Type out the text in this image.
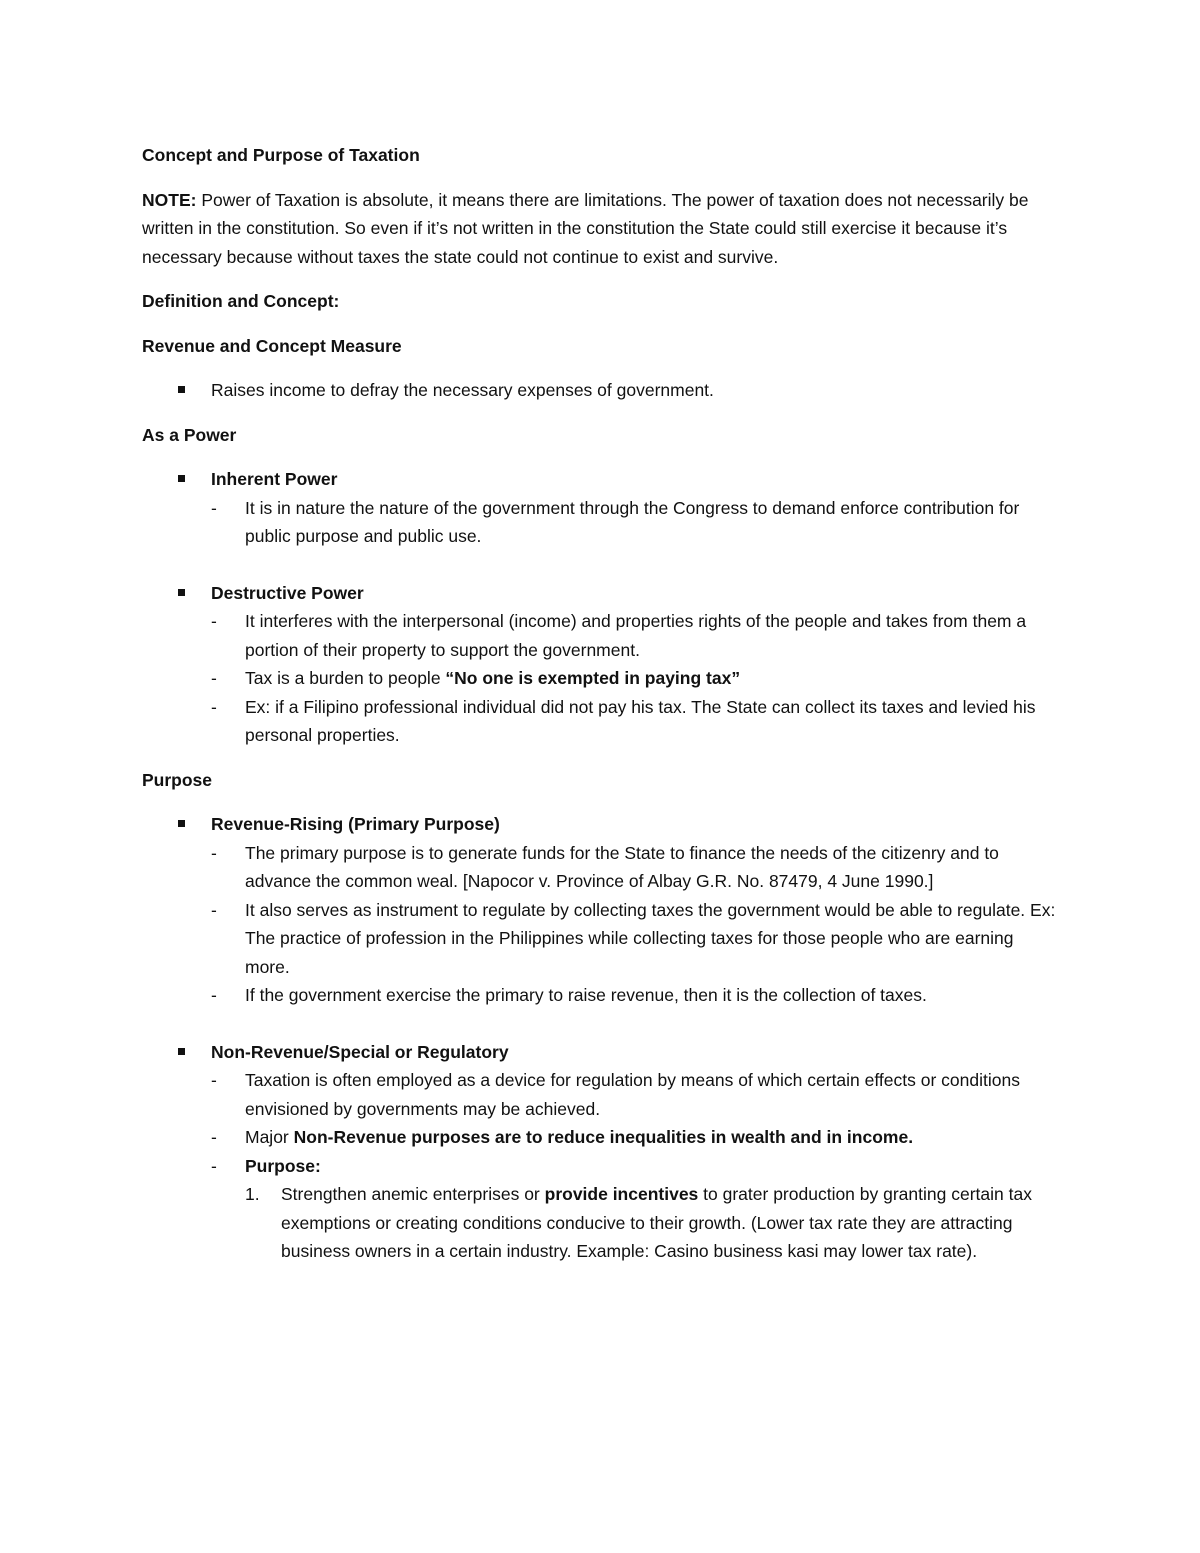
Concept and Purpose of Taxation
NOTE: Power of Taxation is absolute, it means there are limitations. The power of taxation does not necessarily be written in the constitution. So even if it’s not written in the constitution the State could still exercise it because it’s necessary because without taxes the state could not continue to exist and survive.
Definition and Concept:
Revenue and Concept Measure
Raises income to defray the necessary expenses of government.
As a Power
Inherent Power
- It is in nature the nature of the government through the Congress to demand enforce contribution for public purpose and public use.
Destructive Power
- It interferes with the interpersonal (income) and properties rights of the people and takes from them a portion of their property to support the government.
- Tax is a burden to people “No one is exempted in paying tax”
- Ex: if a Filipino professional individual did not pay his tax. The State can collect its taxes and levied his personal properties.
Purpose
Revenue-Rising (Primary Purpose)
- The primary purpose is to generate funds for the State to finance the needs of the citizenry and to advance the common weal. [Napocor v. Province of Albay G.R. No. 87479, 4 June 1990.]
- It also serves as instrument to regulate by collecting taxes the government would be able to regulate. Ex: The practice of profession in the Philippines while collecting taxes for those people who are earning more.
- If the government exercise the primary to raise revenue, then it is the collection of taxes.
Non-Revenue/Special or Regulatory
- Taxation is often employed as a device for regulation by means of which certain effects or conditions envisioned by governments may be achieved.
- Major Non-Revenue purposes are to reduce inequalities in wealth and in income.
- Purpose:
1. Strengthen anemic enterprises or provide incentives to grater production by granting certain tax exemptions or creating conditions conducive to their growth. (Lower tax rate they are attracting business owners in a certain industry. Example: Casino business kasi may lower tax rate).
